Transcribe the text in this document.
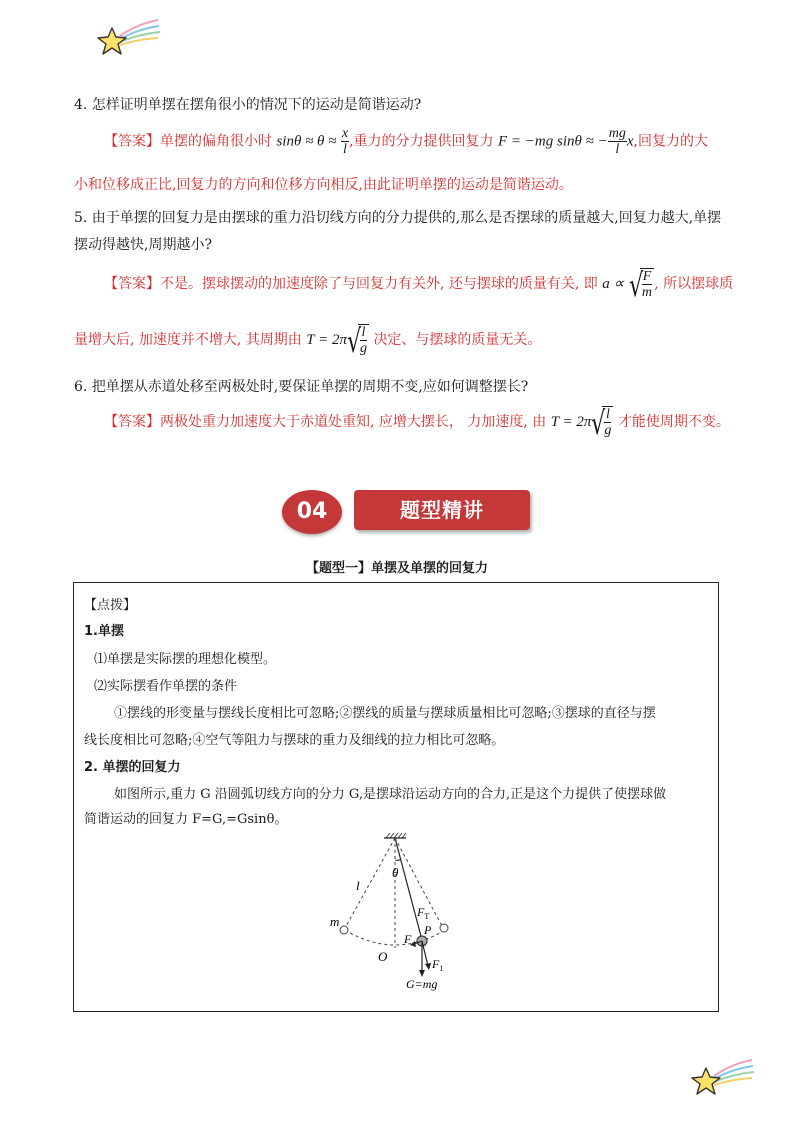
4. 怎样证明单摆在摆角很小的情况下的运动是简谐运动?
【答案】单摆的偏角很小时 $\sin\theta \approx \theta \approx \frac{x}{l}$ ,重力的分力提供回复力 F = −mg sinθ ≈ − $\frac{mg}{l} x$,回复力的大
小和位移成正比,回复力的方向和位移方向相反,由此证明单摆的运动是简谐运动。
5. 由于单摆的回复力是由摆球的重力沿切线方向的分力提供的,那么是否摆球的质量越大,回复力越大,单摆
摆动得越快,周期越小?
【答案】不是。摆球摆动的加速度除了与回复力有关外, 还与摆球的质量有关, 即 a ∝ √
$\frac{F}{m}$ , 所以摆球质
量增大后, 加速度并不增大, 其周期由 T = 2π √
$\frac{l}{g}$ 决定、与摆球的质量无关。
6. 把单摆从赤道处移至两极处时,要保证单摆的周期不变,应如何调整摆长?
【答案】两极处重力加速度大于赤道处重知, 应增大摆长， 力加速度, 由 T = 2π √
$\frac{l}{g}$ 才能使周期不变。
04	题型精讲
【题型一】单摆及单摆的回复力
【点拨】
1.单摆
⑴单摆是实际摆的理想化模型。
⑵实际摆看作单摆的条件
①摆线的形变量与摆线长度相比可忽略;②摆线的质量与摆球质量相比可忽略;③摆球的直径与摆
线长度相比可忽略;④空气等阻力与摆球的重力及细线的拉力相比可忽略。
2. 单摆的回复力
如图所示,重力 G 沿圆弧切线方向的分力 G,是摆球沿运动方向的合力,正是这个力提供了使摆球做
简谐运动的回复力 F=G,=Gsinθ。
θ
l
m
O
$F_T$
F
P
$F_1$
G=mg
